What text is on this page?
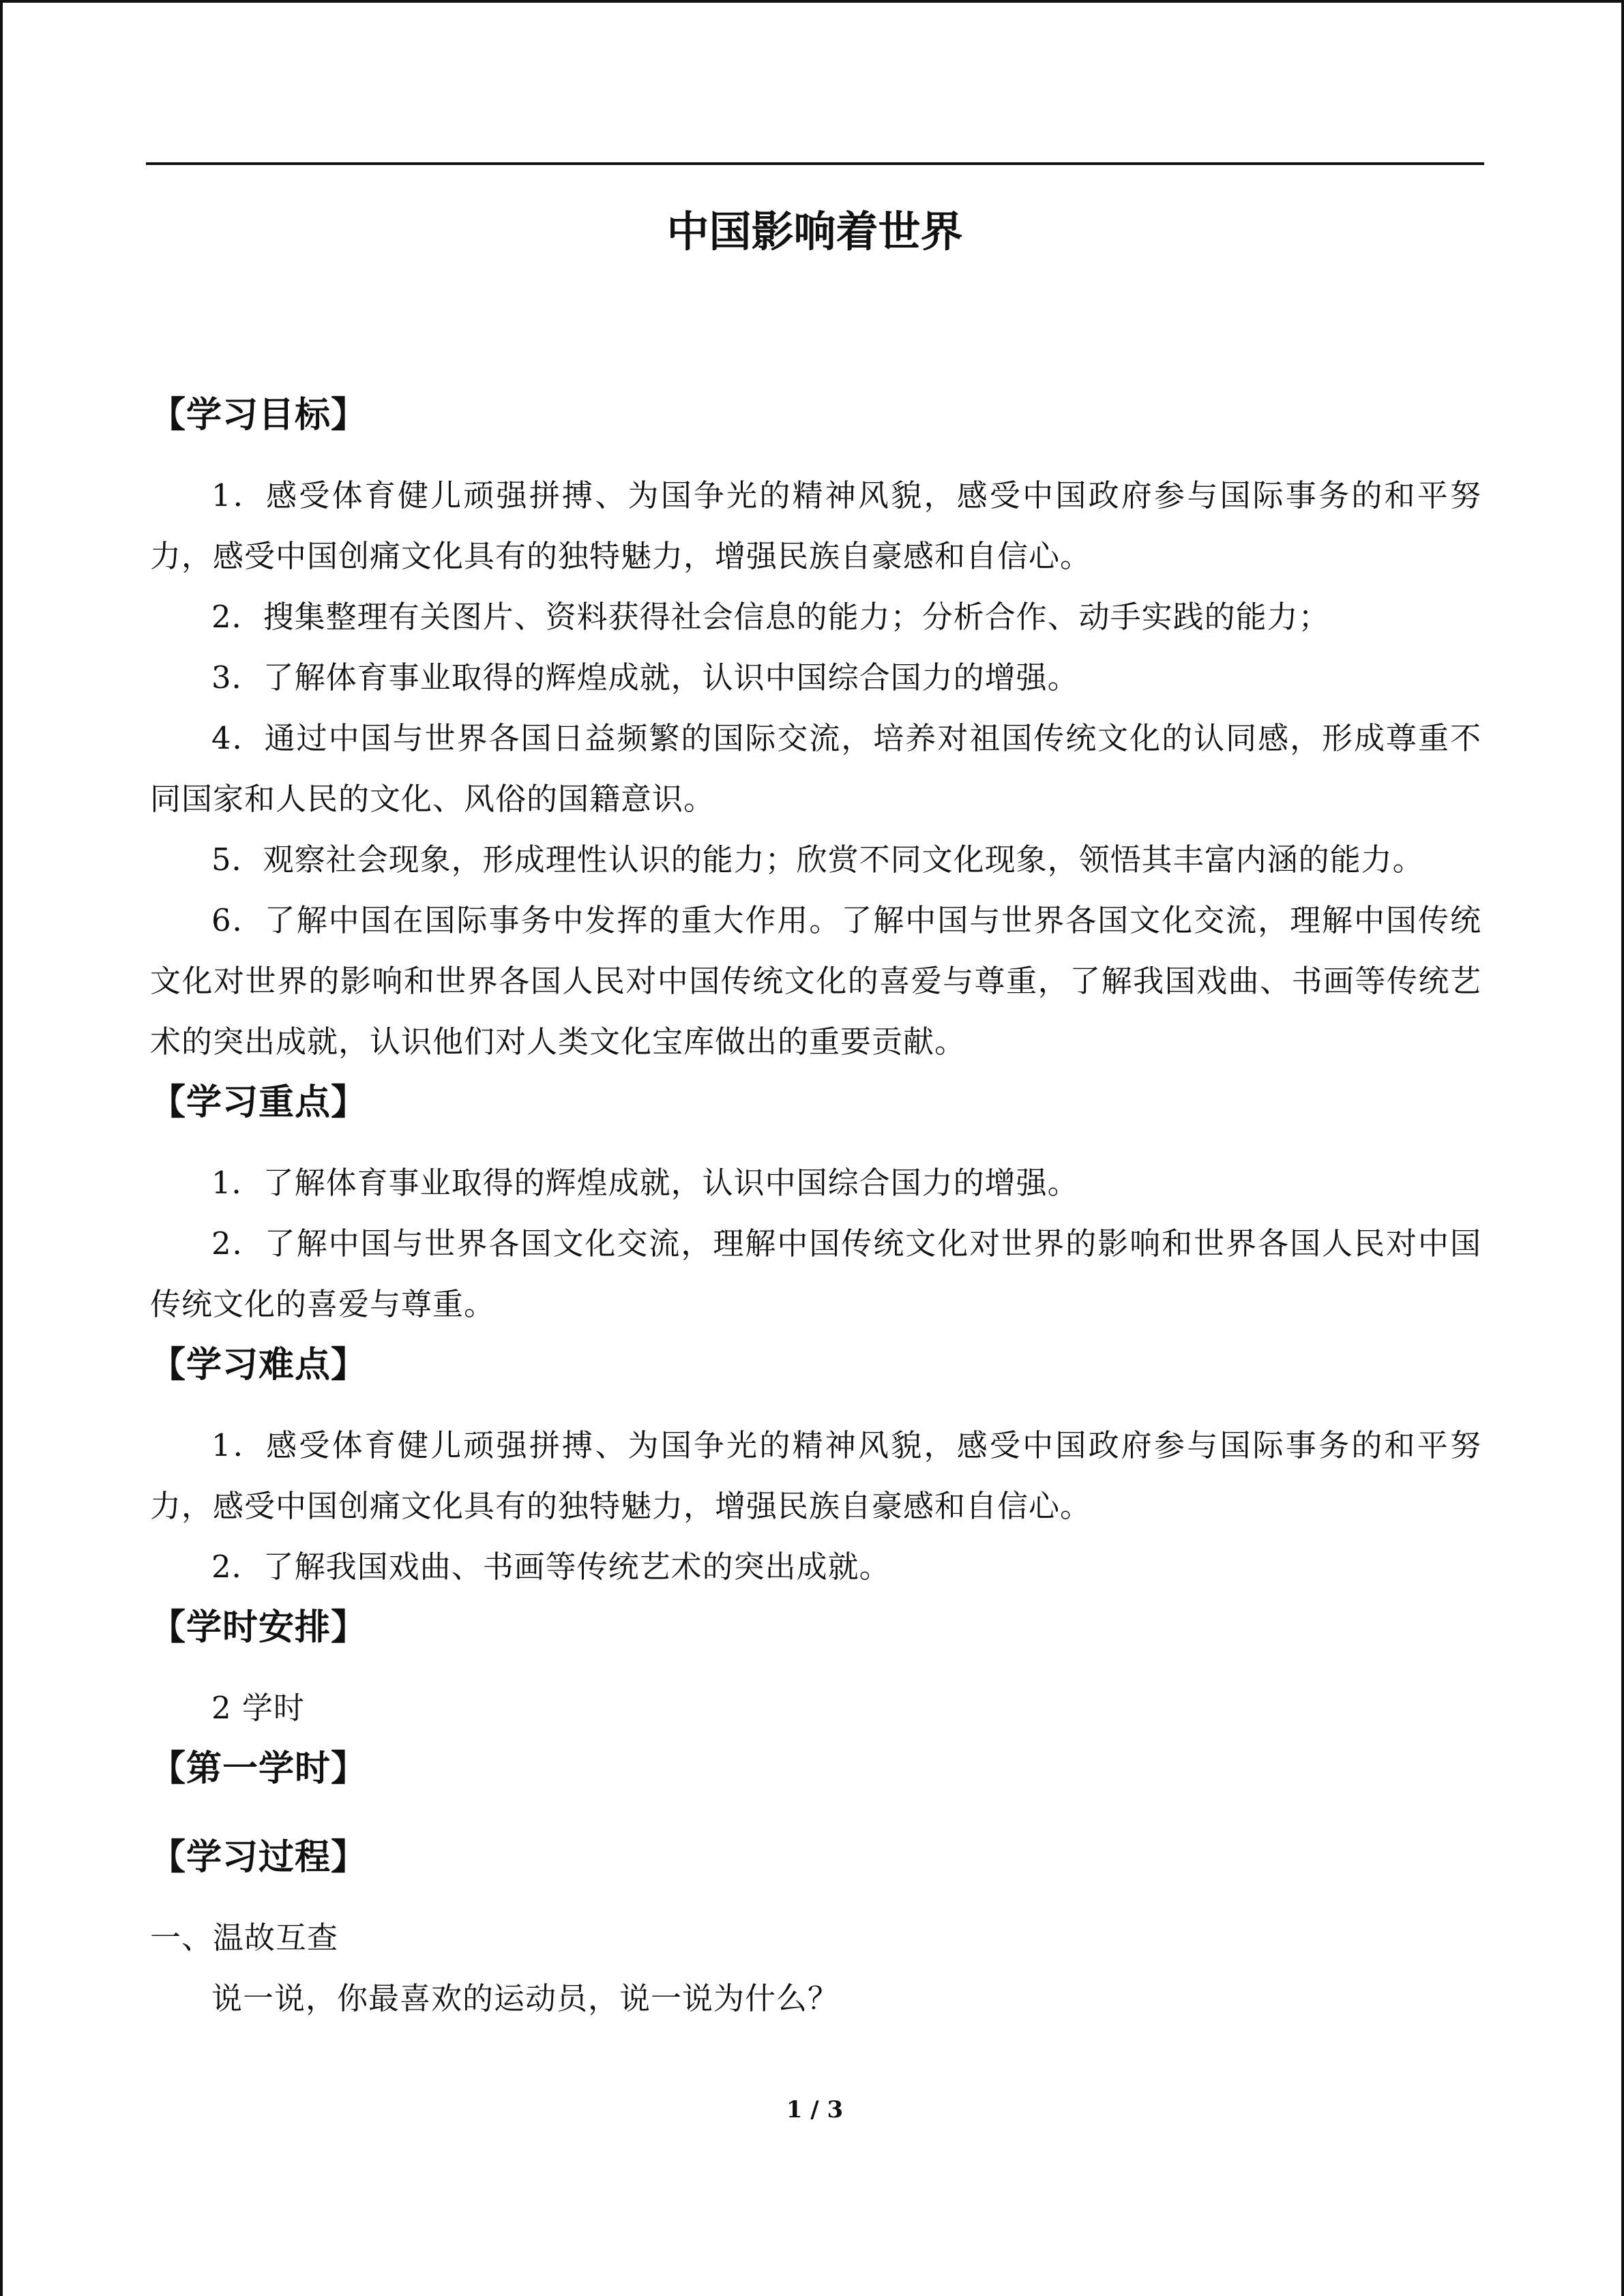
中国影响着世界
【学习目标】
1．感受体育健儿顽强拼搏、为国争光的精神风貌，感受中国政府参与国际事务的和平努力，感受中国创痛文化具有的独特魅力，增强民族自豪感和自信心。
2．搜集整理有关图片、资料获得社会信息的能力；分析合作、动手实践的能力；
3．了解体育事业取得的辉煌成就，认识中国综合国力的增强。
4．通过中国与世界各国日益频繁的国际交流，培养对祖国传统文化的认同感，形成尊重不同国家和人民的文化、风俗的国籍意识。
5．观察社会现象，形成理性认识的能力；欣赏不同文化现象，领悟其丰富内涵的能力。
6．了解中国在国际事务中发挥的重大作用。了解中国与世界各国文化交流，理解中国传统文化对世界的影响和世界各国人民对中国传统文化的喜爱与尊重，了解我国戏曲、书画等传统艺术的突出成就，认识他们对人类文化宝库做出的重要贡献。
【学习重点】
1．了解体育事业取得的辉煌成就，认识中国综合国力的增强。
2．了解中国与世界各国文化交流，理解中国传统文化对世界的影响和世界各国人民对中国传统文化的喜爱与尊重。
【学习难点】
1．感受体育健儿顽强拼搏、为国争光的精神风貌，感受中国政府参与国际事务的和平努力，感受中国创痛文化具有的独特魅力，增强民族自豪感和自信心。
2．了解我国戏曲、书画等传统艺术的突出成就。
【学时安排】
2 学时
【第一学时】
【学习过程】
一、温故互查
说一说，你最喜欢的运动员，说一说为什么？
1 / 3
